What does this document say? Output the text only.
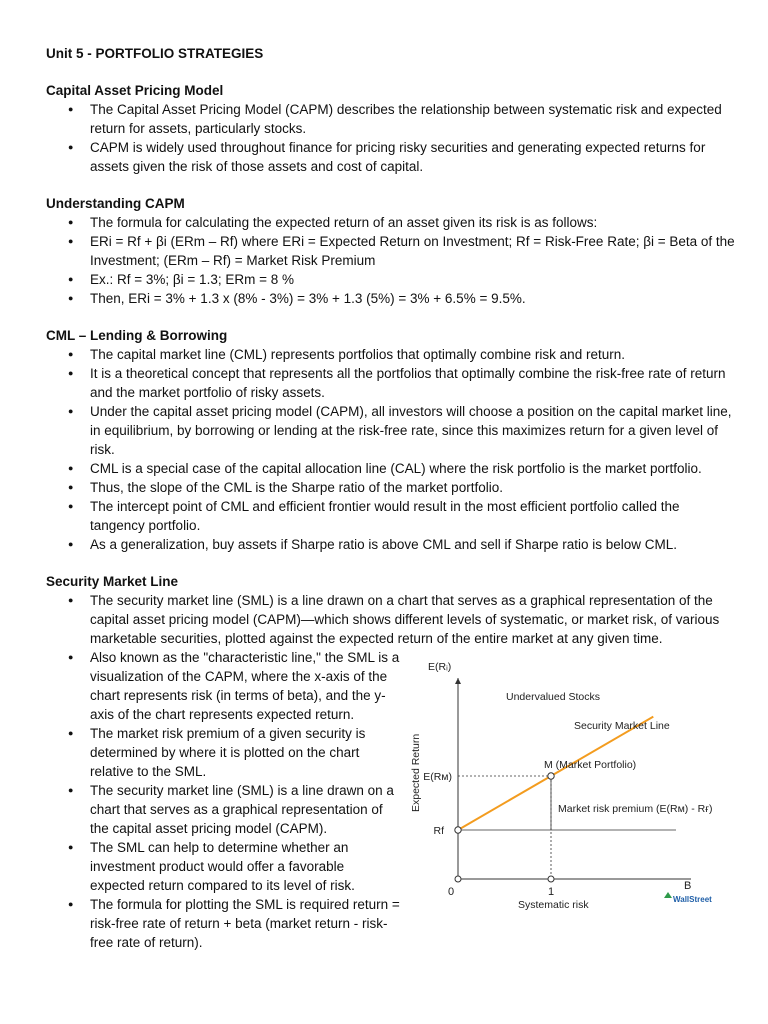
Unit 5 - PORTFOLIO STRATEGIES
Capital Asset Pricing Model
● The Capital Asset Pricing Model (CAPM) describes the relationship between systematic risk and expected return for assets, particularly stocks.
● CAPM is widely used throughout finance for pricing risky securities and generating expected returns for assets given the risk of those assets and cost of capital.
Understanding CAPM
● The formula for calculating the expected return of an asset given its risk is as follows:
● ERi = Rf + βi (ERm – Rf) where ERi = Expected Return on Investment; Rf = Risk-Free Rate; βi = Beta of the Investment; (ERm – Rf) = Market Risk Premium
● Ex.: Rf = 3%; βi = 1.3; ERm = 8 %
● Then, ERi = 3% + 1.3 x (8% - 3%) = 3% + 1.3 (5%) = 3% + 6.5% = 9.5%.
CML – Lending & Borrowing
● The capital market line (CML) represents portfolios that optimally combine risk and return.
● It is a theoretical concept that represents all the portfolios that optimally combine the risk-free rate of return and the market portfolio of risky assets.
● Under the capital asset pricing model (CAPM), all investors will choose a position on the capital market line, in equilibrium, by borrowing or lending at the risk-free rate, since this maximizes return for a given level of risk.
● CML is a special case of the capital allocation line (CAL) where the risk portfolio is the market portfolio.
● Thus, the slope of the CML is the Sharpe ratio of the market portfolio.
● The intercept point of CML and efficient frontier would result in the most efficient portfolio called the tangency portfolio.
● As a generalization, buy assets if Sharpe ratio is above CML and sell if Sharpe ratio is below CML.
Security Market Line
● The security market line (SML) is a line drawn on a chart that serves as a graphical representation of the capital asset pricing model (CAPM)—which shows different levels of systematic, or market risk, of various marketable securities, plotted against the expected return of the entire market at any given time.
● Also known as the "characteristic line," the SML is a visualization of the CAPM, where the x-axis of the chart represents risk (in terms of beta), and the y-axis of the chart represents expected return.
● The market risk premium of a given security is determined by where it is plotted on the chart relative to the SML.
● The security market line (SML) is a line drawn on a chart that serves as a graphical representation of the capital asset pricing model (CAPM).
● The SML can help to determine whether an investment product would offer a favorable expected return compared to its level of risk.
● The formula for plotting the SML is required return = risk-free rate of return + beta (market return - risk-free rate of return).
E(Rᵢ)
0	1
Rf
E(Rм)
B
Systematic risk
Expected Return
Undervalued Stocks
Security Market Line
M (Market Portfolio)
Market risk premium (E(Rм) - Rғ)
WallStreet
